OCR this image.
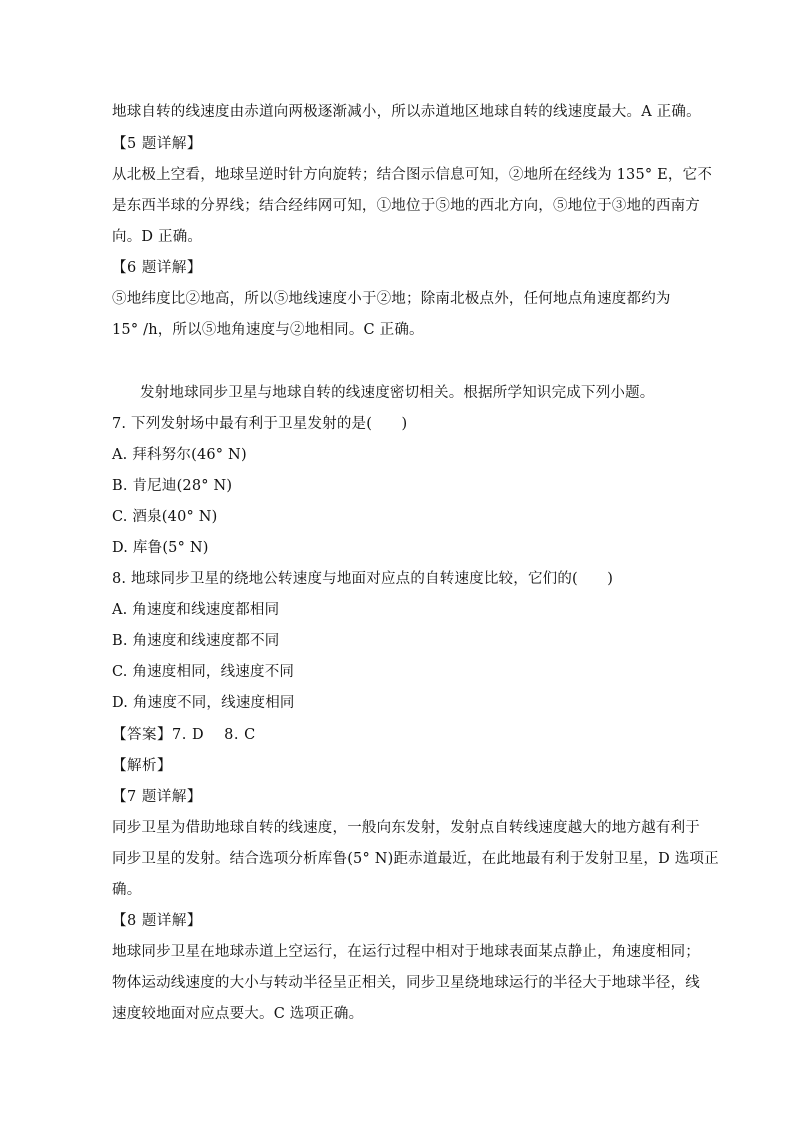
地球自转的线速度由赤道向两极逐渐减小，所以赤道地区地球自转的线速度最大。A 正确。
【5 题详解】
从北极上空看，地球呈逆时针方向旋转；结合图示信息可知，②地所在经线为 135° E，它不
是东西半球的分界线；结合经纬网可知，①地位于⑤地的西北方向，⑤地位于③地的西南方
向。D 正确。
【6 题详解】
⑤地纬度比②地高，所以⑤地线速度小于②地；除南北极点外，任何地点角速度都约为
15° /h，所以⑤地角速度与②地相同。C 正确。
发射地球同步卫星与地球自转的线速度密切相关。根据所学知识完成下列小题。
7. 下列发射场中最有利于卫星发射的是(　　)
A. 拜科努尔(46° N)
B. 肯尼迪(28° N)
C. 酒泉(40° N)
D. 库鲁(5° N)
8. 地球同步卫星的绕地公转速度与地面对应点的自转速度比较，它们的(　　)
A. 角速度和线速度都相同
B. 角速度和线速度都不同
C. 角速度相同，线速度不同
D. 角速度不同，线速度相同
【答案】7. D　 8. C
【解析】
【7 题详解】
同步卫星为借助地球自转的线速度，一般向东发射，发射点自转线速度越大的地方越有利于
同步卫星的发射。结合选项分析库鲁(5° N)距赤道最近，在此地最有利于发射卫星，D 选项正
确。
【8 题详解】
地球同步卫星在地球赤道上空运行，在运行过程中相对于地球表面某点静止，角速度相同；
物体运动线速度的大小与转动半径呈正相关，同步卫星绕地球运行的半径大于地球半径，线
速度较地面对应点要大。C 选项正确。
